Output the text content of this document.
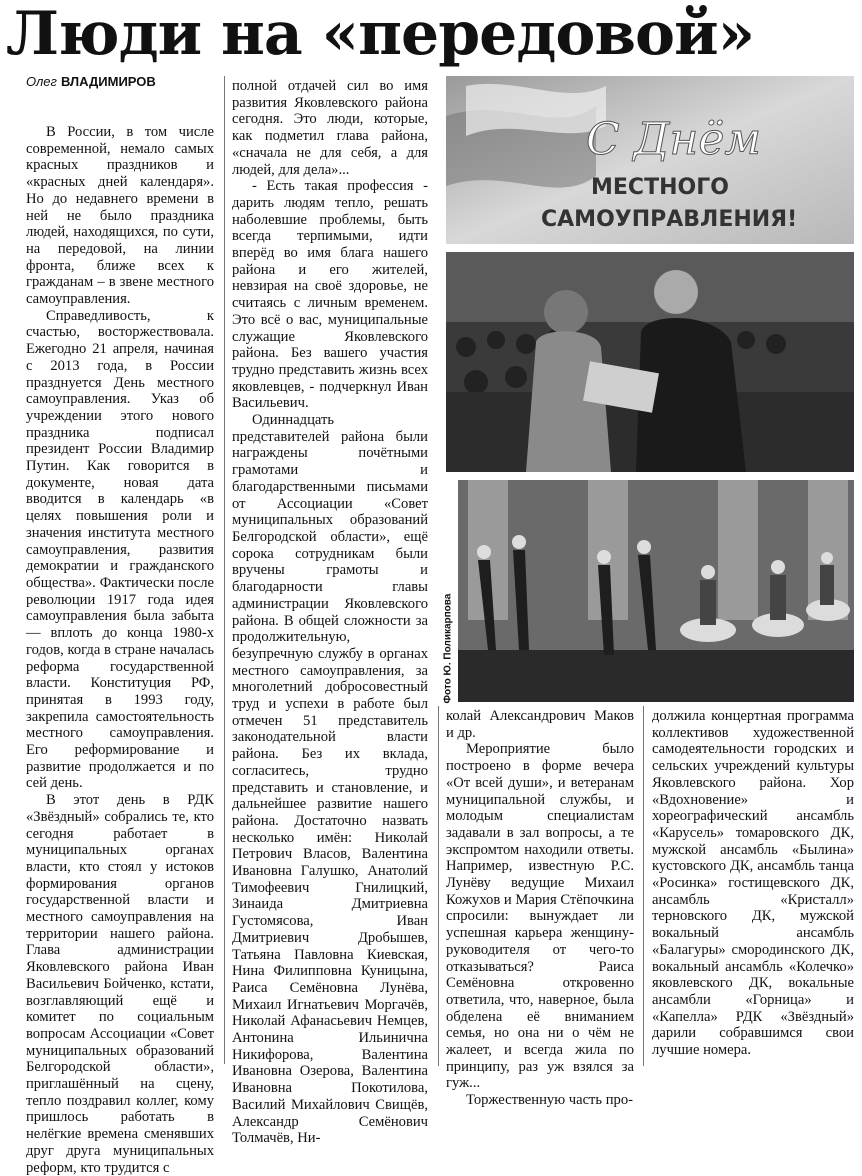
Люди на «передовой»
Олег ВЛАДИМИРОВ

В России, в том числе современной, немало самых красных праздников и «красных дней календаря». Но до недавнего времени в ней не было праздника людей, находящихся, по сути, на передовой, на линии фронта, ближе всех к гражданам – в звене местного самоуправления.

Справедливость, к счастью, восторжествовала. Ежегодно 21 апреля, начиная с 2013 года, в России празднуется День местного самоуправления. Указ об учреждении этого нового праздника подписал президент России Владимир Путин. Как говорится в документе, новая дата вводится в календарь «в целях повышения роли и значения института местного самоуправления, развития демократии и гражданского общества». Фактически после революции 1917 года идея самоуправления была забыта — вплоть до конца 1980-х годов, когда в стране началась реформа государственной власти. Конституция РФ, принятая в 1993 году, закрепила самостоятельность местного самоуправления. Его реформирование и развитие продолжается и по сей день.

В этот день в РДК «Звёздный» собрались те, кто сегодня работает в муниципальных органах власти, кто стоял у истоков формирования органов государственной власти и местного самоуправления на территории нашего района. Глава администрации Яковлевского района Иван Васильевич Бойченко, кстати, возглавляющий ещё и комитет по социальным вопросам Ассоциации «Совет муниципальных образований Белгородской области», приглашённый на сцену, тепло поздравил коллег, кому пришлось работать в нелёгкие времена сменявших друг друга муниципальных реформ, кто трудится с

полной отдачей сил во имя развития Яковлевского района сегодня. Это люди, которые, как подметил глава района, «сначала не для себя, а для людей, для дела»...

- Есть такая профессия - дарить людям тепло, решать наболевшие проблемы, быть всегда терпимыми, идти вперёд во имя блага нашего района и его жителей, невзирая на своё здоровье, не считаясь с личным временем. Это всё о вас, муниципальные служащие Яковлевского района. Без вашего участия трудно представить жизнь всех яковлевцев, - подчеркнул Иван Васильевич.

Одиннадцать представителей района были награждены почётными грамотами и благодарственными письмами от Ассоциации «Совет муниципальных образований Белгородской области», ещё сорока сотрудникам были вручены грамоты и благодарности главы администрации Яковлевского района. В общей сложности за продолжительную, безупречную службу в органах местного самоуправления, за многолетний добросовестный труд и успехи в работе был отмечен 51 представитель законодательной власти района. Без их вклада, согласитесь, трудно представить и становление, и дальнейшее развитие нашего района. Достаточно назвать несколько имён: Николай Петрович Власов, Валентина Ивановна Галушко, Анатолий Тимофеевич Гнилицкий, Зинаида Дмитриевна Густомясова, Иван Дмитриевич Дробышев, Татьяна Павловна Киевская, Нина Филипповна Куницына, Раиса Семёновна Лунёва, Михаил Игнатьевич Моргачёв, Николай Афанасьевич Немцев, Антонина Ильинична Никифорова, Валентина Ивановна Озерова, Валентина Ивановна Покотилова, Василий Михайлович Свищёв, Александр Семёнович Толмачёв, Ни-

С Днём
МЕСТНОГО
САМОУПРАВЛЕНИЯ!
Фото Ю. Поликарпова

колай Александрович Маков и др.

Мероприятие было построено в форме вечера «От всей души», и ветеранам муниципальной службы, и молодым специалистам задавали в зал вопросы, а те экспромтом находили ответы. Например, известную Р.С. Лунёву ведущие Михаил Кожухов и Мария Стёпочкина спросили: вынуждает ли успешная карьера женщину-руководителя от чего-то отказываться? Раиса Семёновна откровенно ответила, что, наверное, была обделена её вниманием семья, но она ни о чём не жалеет, и всегда жила по принципу, раз уж взялся за гуж...

Торжественную часть про-

должила концертная программа коллективов художественной самодеятельности городских и сельских учреждений культуры Яковлевского района. Хор «Вдохновение» и хореографический ансамбль «Карусель» томаровского ДК, мужской ансамбль «Былина» кустовского ДК, ансамбль танца «Росинка» гостищевского ДК, ансамбль «Кристалл» терновского ДК, мужской вокальный ансамбль «Балагуры» смородинского ДК, вокальный ансамбль «Колечко» яковлевского ДК, вокальные ансамбли «Горница» и «Капелла» РДК «Звёздный» дарили собравшимся свои лучшие номера.
